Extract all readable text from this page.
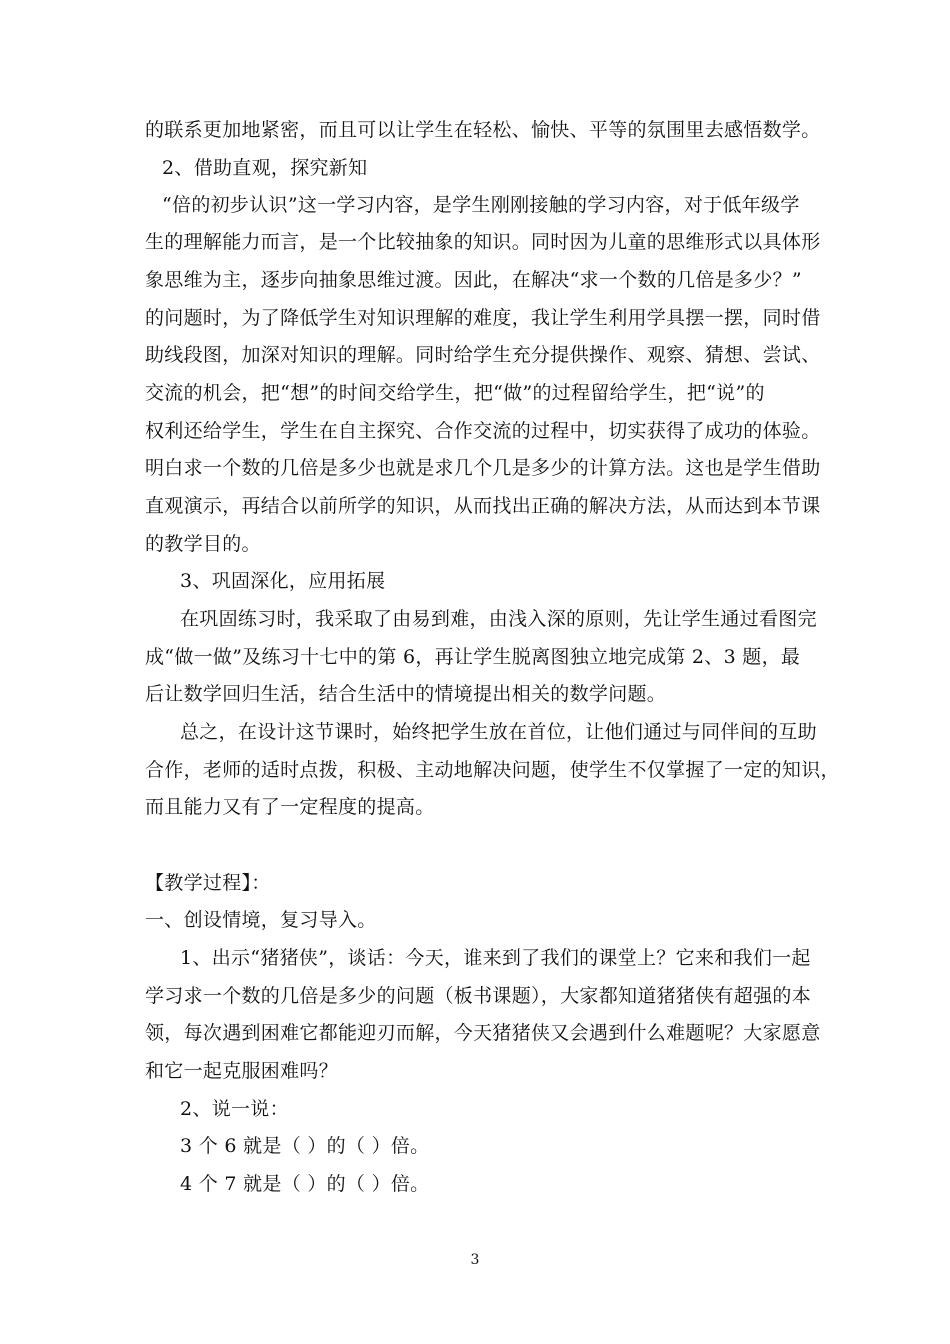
的联系更加地紧密，而且可以让学生在轻松、愉快、平等的氛围里去感悟数学。
2、借助直观，探究新知
“倍的初步认识”这一学习内容，是学生刚刚接触的学习内容，对于低年级学
生的理解能力而言，是一个比较抽象的知识。同时因为儿童的思维形式以具体形
象思维为主，逐步向抽象思维过渡。因此，在解决“求一个数的几倍是多少？”
的问题时，为了降低学生对知识理解的难度，我让学生利用学具摆一摆，同时借
助线段图，加深对知识的理解。同时给学生充分提供操作、观察、猜想、尝试、
交流的机会，把“想”的时间交给学生，把“做”的过程留给学生，把“说”的
权利还给学生，学生在自主探究、合作交流的过程中，切实获得了成功的体验。
明白求一个数的几倍是多少也就是求几个几是多少的计算方法。这也是学生借助
直观演示，再结合以前所学的知识，从而找出正确的解决方法，从而达到本节课
的教学目的。
3、巩固深化，应用拓展
在巩固练习时，我采取了由易到难，由浅入深的原则，先让学生通过看图完
成“做一做”及练习十七中的第 6，再让学生脱离图独立地完成第 2、3 题，最
后让数学回归生活，结合生活中的情境提出相关的数学问题。
总之，在设计这节课时，始终把学生放在首位，让他们通过与同伴间的互助
合作，老师的适时点拨，积极、主动地解决问题，使学生不仅掌握了一定的知识，
而且能力又有了一定程度的提高。
【教学过程】：
一、创设情境，复习导入。
1、出示“猪猪侠”，谈话：今天，谁来到了我们的课堂上？它来和我们一起
学习求一个数的几倍是多少的问题（板书课题），大家都知道猪猪侠有超强的本
领，每次遇到困难它都能迎刃而解，今天猪猪侠又会遇到什么难题呢？大家愿意
和它一起克服困难吗？
2、说一说：
3 个 6 就是（ ）的（ ）倍。
4 个 7 就是（ ）的（ ）倍。
3
